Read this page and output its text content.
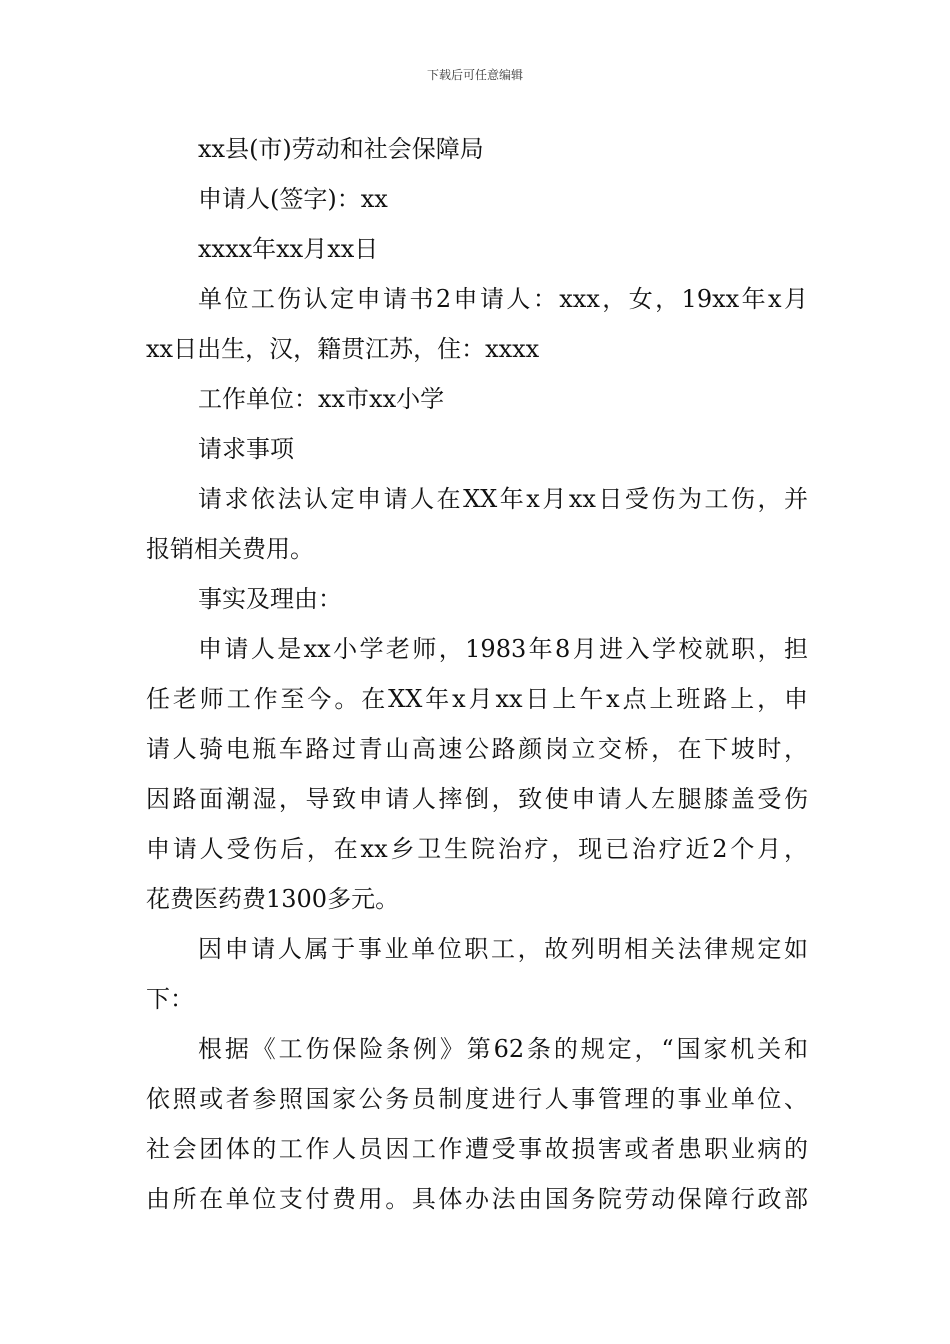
下载后可任意编辑
xx县(市)劳动和社会保障局
申请人(签字)：xx
xxxx年xx月xx日
单位工伤认定申请书2申请人：xxx，女，19xx年x月
xx日出生，汉，籍贯江苏，住：xxxx
工作单位：xx市xx小学
请求事项
请求依法认定申请人在XX年x月xx日受伤为工伤，并
报销相关费用。
事实及理由：
申请人是xx小学老师，1983年8月进入学校就职，担
任老师工作至今。在XX年x月xx日上午x点上班路上，申
请人骑电瓶车路过青山高速公路颜岗立交桥，在下坡时，
因路面潮湿，导致申请人摔倒，致使申请人左腿膝盖受伤
申请人受伤后，在xx乡卫生院治疗，现已治疗近2个月，
花费医药费1300多元。
因申请人属于事业单位职工，故列明相关法律规定如
下：
根据《工伤保险条例》第62条的规定，“国家机关和
依照或者参照国家公务员制度进行人事管理的事业单位、
社会团体的工作人员因工作遭受事故损害或者患职业病的
由所在单位支付费用。具体办法由国务院劳动保障行政部
